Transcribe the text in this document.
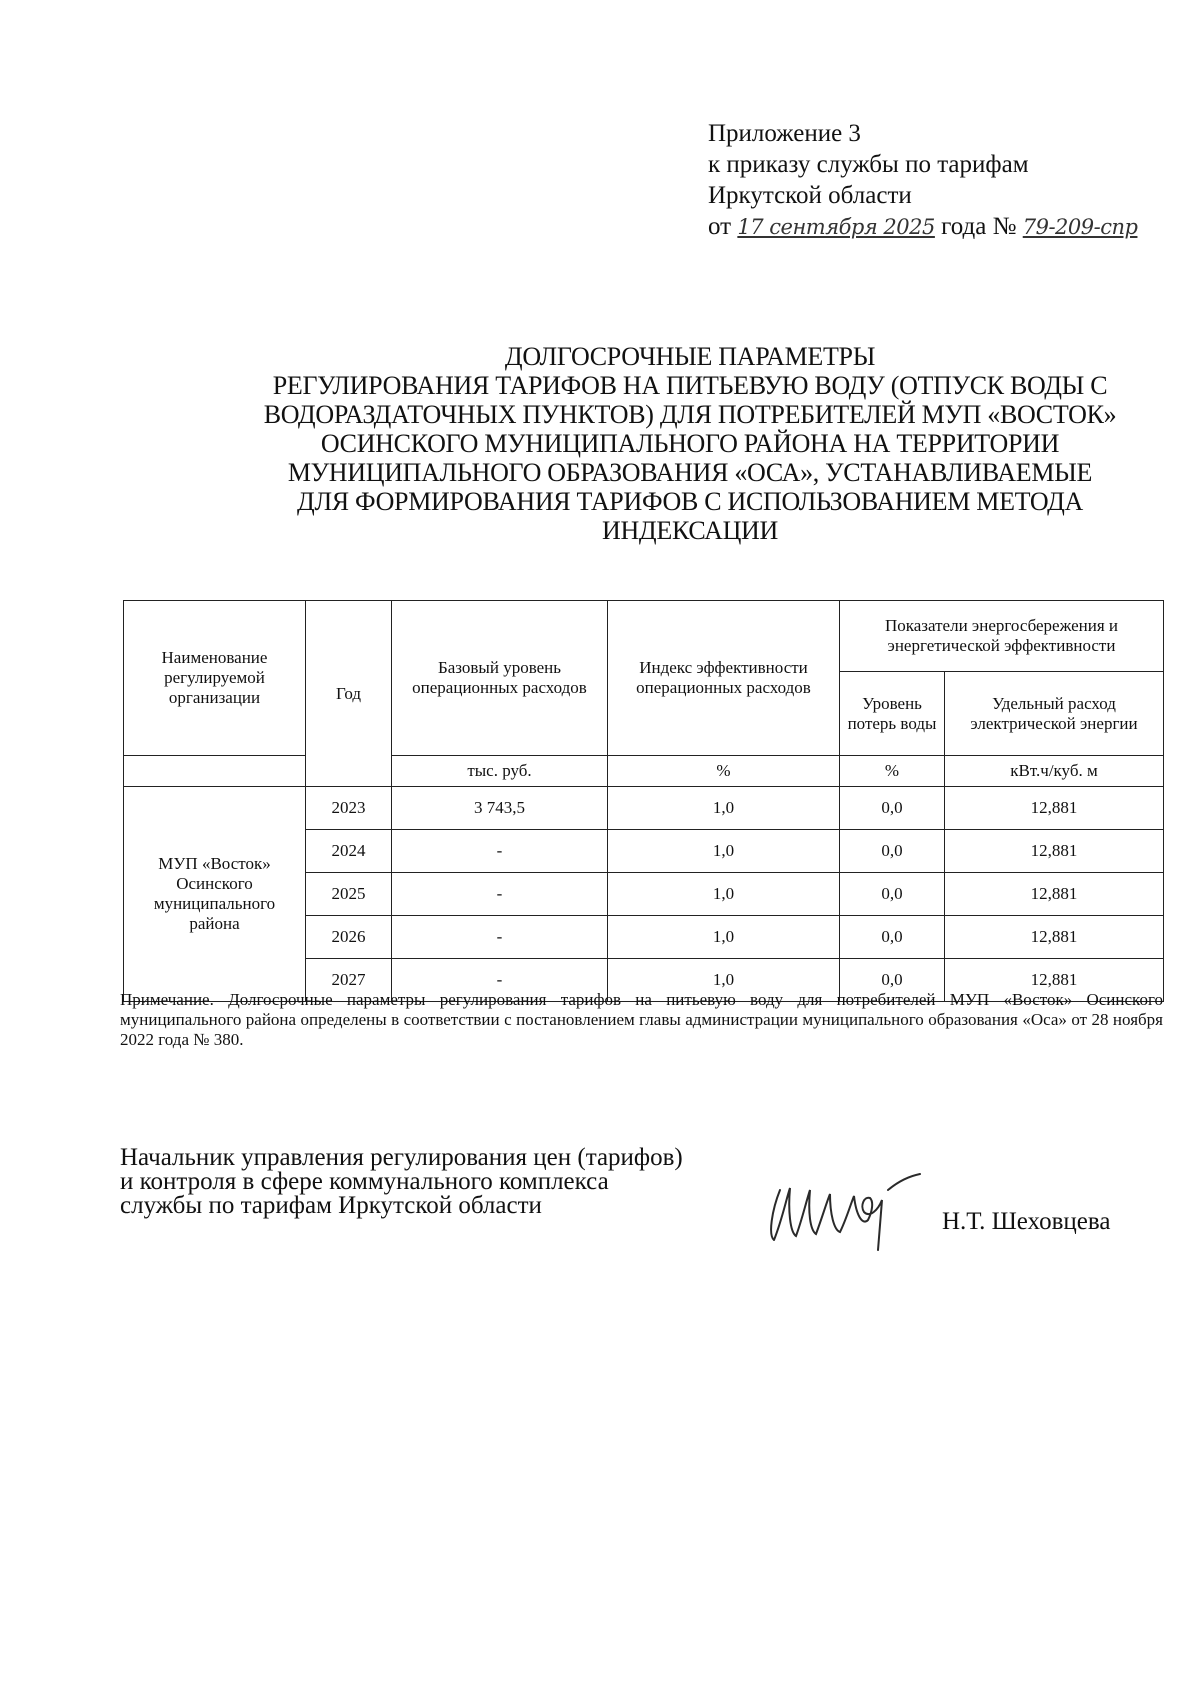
Приложение 3
к приказу службы по тарифам
Иркутской области
от 17 сентября 2025 года № 79-209-спр
ДОЛГОСРОЧНЫЕ ПАРАМЕТРЫ
РЕГУЛИРОВАНИЯ ТАРИФОВ НА ПИТЬЕВУЮ ВОДУ (ОТПУСК ВОДЫ С
ВОДОРАЗДАТОЧНЫХ ПУНКТОВ) ДЛЯ ПОТРЕБИТЕЛЕЙ МУП «ВОСТОК»
ОСИНСКОГО МУНИЦИПАЛЬНОГО РАЙОНА НА ТЕРРИТОРИИ
МУНИЦИПАЛЬНОГО ОБРАЗОВАНИЯ «ОСА», УСТАНАВЛИВАЕМЫЕ
ДЛЯ ФОРМИРОВАНИЯ ТАРИФОВ С ИСПОЛЬЗОВАНИЕМ МЕТОДА
ИНДЕКСАЦИИ
Наименование регулируемой организации	Год	Базовый уровень операционных расходов	Индекс эффективности операционных расходов	Показатели энергосбережения и энергетической эффективности	
				Уровень потерь воды	Удельный расход электрической энергии
		тыс. руб.	%	%	кВт.ч/куб. м
МУП «Восток» Осинского муниципального района	2023	3 743,5	1,0	0,0	12,881
	2024	-	1,0	0,0	12,881
	2025	-	1,0	0,0	12,881
	2026	-	1,0	0,0	12,881
	2027	-	1,0	0,0	12,881
Примечание. Долгосрочные параметры регулирования тарифов на питьевую воду для потребителей МУП «Восток» Осинского муниципального района определены в соответствии с постановлением главы администрации муниципального образования «Оса» от 28 ноября 2022 года № 380.
Начальник управления регулирования цен (тарифов)
и контроля в сфере коммунального комплекса
службы по тарифам Иркутской области
Н.Т. Шеховцева
